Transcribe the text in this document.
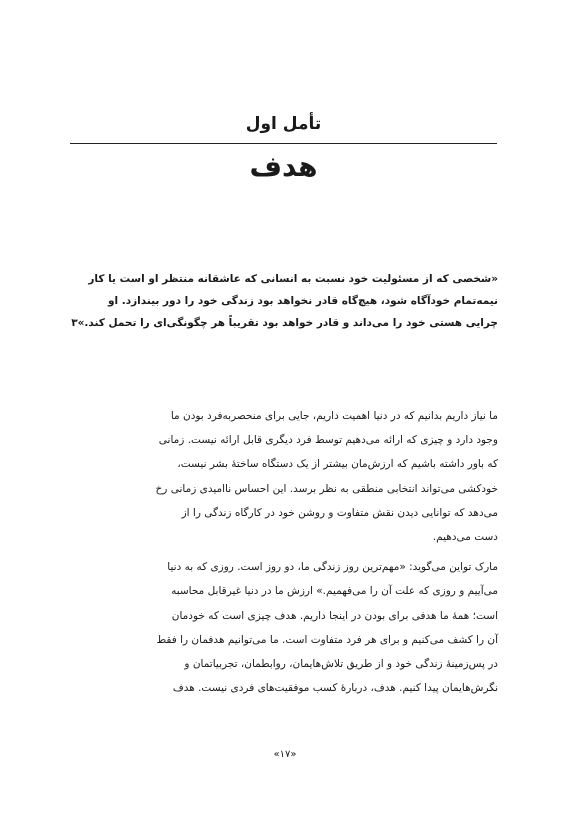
تأمل اول
هدف
«شخصی که از مسئولیت خود نسبت به انسانی که عاشقانه منتظر او است یا کار
نیمه‌تمام خودآگاه شود، هیچ‌گاه قادر نخواهد بود زندگی خود را دور بیندازد. او
چرایی هستی خود را می‌داند و قادر خواهد بود تقریباً هر چگونگی‌ای را تحمل کند.»۳
ما نیاز داریم بدانیم که در دنیا اهمیت داریم، جایی برای منحصربه‌فرد بودن ما
وجود دارد و چیزی که ارائه می‌دهیم توسط فرد دیگری قابل ارائه نیست. زمانی
که باور داشته باشیم که ارزش‌مان بیشتر از یک دستگاه ساختهٔ بشر نیست،
خودکشی می‌تواند انتخابی منطقی به نظر برسد. این احساس ناامیدی زمانی رخ
می‌دهد که توانایی دیدن نقش متفاوت و روشن خود در کارگاه زندگی را از
دست می‌دهیم.
مارک تواین می‌گوید: «مهم‌ترین روز زندگی ما، دو روز است. روزی که به دنیا
می‌آییم و روزی که علت آن را می‌فهمیم.» ارزش ما در دنیا غیرقابل محاسبه
است؛ همهٔ ما هدفی برای بودن در اینجا داریم. هدف چیزی است که خودمان
آن را کشف می‌کنیم و برای هر فرد متفاوت است. ما می‌توانیم هدفمان را فقط
در پس‌زمینهٔ زندگی خود و از طریق تلاش‌هایمان، روابطمان، تجربیاتمان و
نگرش‌هایمان پیدا کنیم. هدف، دربارهٔ کسب موفقیت‌های فردی نیست. هدف
«۱۷»
